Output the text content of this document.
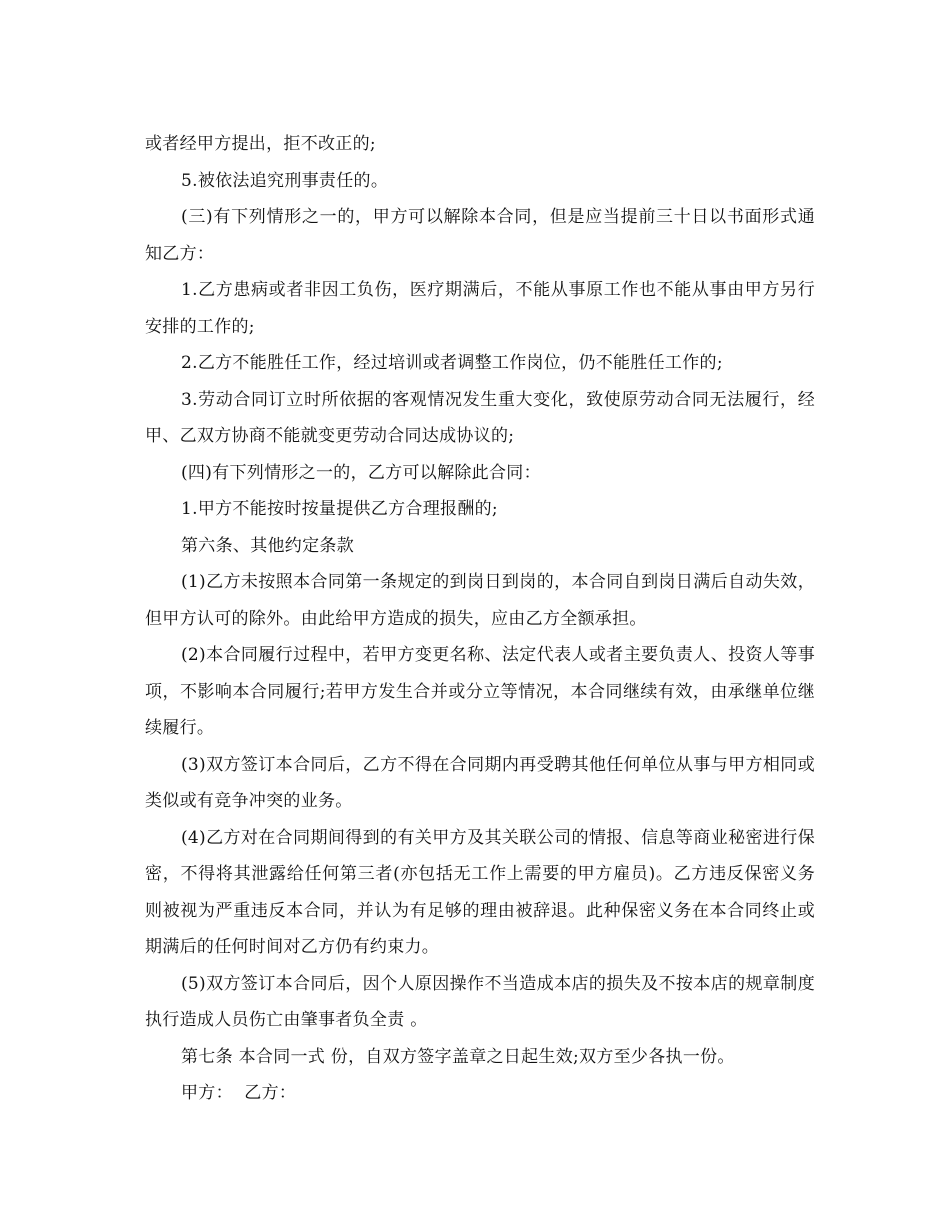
或者经甲方提出，拒不改正的;

5.被依法追究刑事责任的。

(三)有下列情形之一的，甲方可以解除本合同，但是应当提前三十日以书面形式通知乙方：

1.乙方患病或者非因工负伤，医疗期满后，不能从事原工作也不能从事由甲方另行安排的工作的;

2.乙方不能胜任工作，经过培训或者调整工作岗位，仍不能胜任工作的;

3.劳动合同订立时所依据的客观情况发生重大变化，致使原劳动合同无法履行，经甲、乙双方协商不能就变更劳动合同达成协议的;

(四)有下列情形之一的，乙方可以解除此合同：

1.甲方不能按时按量提供乙方合理报酬的;

第六条、其他约定条款

(1)乙方未按照本合同第一条规定的到岗日到岗的，本合同自到岗日满后自动失效，但甲方认可的除外。由此给甲方造成的损失，应由乙方全额承担。

(2)本合同履行过程中，若甲方变更名称、法定代表人或者主要负责人、投资人等事项，不影响本合同履行;若甲方发生合并或分立等情况，本合同继续有效，由承继单位继续履行。

(3)双方签订本合同后，乙方不得在合同期内再受聘其他任何单位从事与甲方相同或类似或有竞争冲突的业务。

(4)乙方对在合同期间得到的有关甲方及其关联公司的情报、信息等商业秘密进行保密，不得将其泄露给任何第三者(亦包括无工作上需要的甲方雇员)。乙方违反保密义务则被视为严重违反本合同，并认为有足够的理由被辞退。此种保密义务在本合同终止或期满后的任何时间对乙方仍有约束力。

(5)双方签订本合同后，因个人原因操作不当造成本店的损失及不按本店的规章制度执行造成人员伤亡由肇事者负全责 。

第七条 本合同一式 份，自双方签字盖章之日起生效;双方至少各执一份。

甲方：  乙方：
